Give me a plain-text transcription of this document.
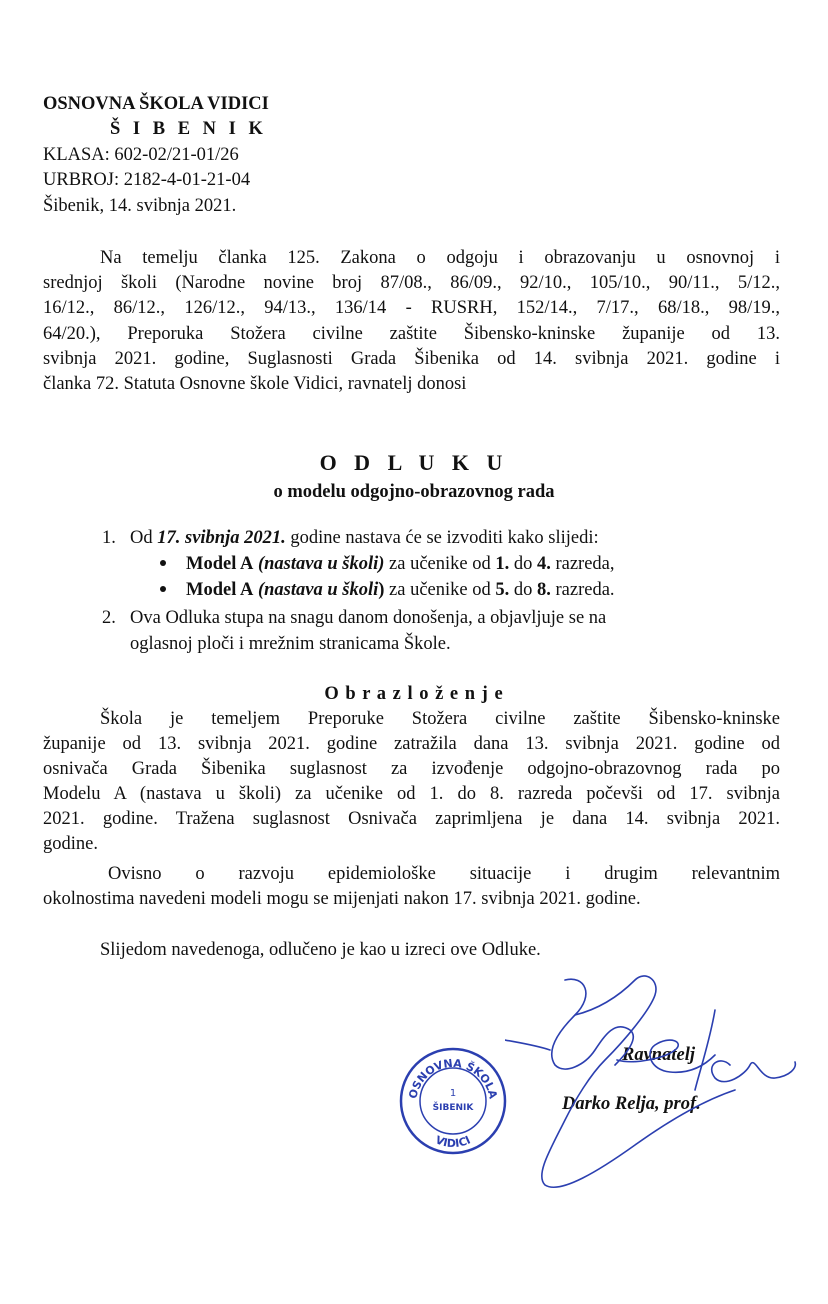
OSNOVNA ŠKOLA VIDICI
Š I B E N I K
KLASA: 602-02/21-01/26
URBROJ: 2182-4-01-21-04
Šibenik, 14. svibnja 2021.
Na temelju članka 125. Zakona o odgoju i obrazovanju u osnovnoj i
srednjoj školi (Narodne novine broj 87/08., 86/09., 92/10., 105/10., 90/11., 5/12.,
16/12., 86/12., 126/12., 94/13., 136/14 - RUSRH, 152/14., 7/17., 68/18., 98/19.,
64/20.), Preporuka Stožera civilne zaštite Šibensko-kninske županije od 13.
svibnja 2021. godine, Suglasnosti Grada Šibenika od 14. svibnja 2021. godine i
članka 72. Statuta Osnovne škole Vidici, ravnatelj donosi
O D L U K U
o modelu odgojno-obrazovnog rada
1. Od 17. svibnja 2021. godine nastava će se izvoditi kako slijedi:
Model A (nastava u školi) za učenike od 1. do 4. razreda,
Model A (nastava u školi) za učenike od 5. do 8. razreda.
2. Ova Odluka stupa na snagu danom donošenja, a objavljuje se na
oglasnoj ploči i mrežnim stranicama Škole.
O b r a z l o ž e n j e
Škola je temeljem Preporuke Stožera civilne zaštite Šibensko-kninske
županije od 13. svibnja 2021. godine zatražila dana 13. svibnja 2021. godine od
osnivača Grada Šibenika suglasnost za izvođenje odgojno-obrazovnog rada po
Modelu A (nastava u školi) za učenike od 1. do 8. razreda počevši od 17. svibnja
2021. godine. Tražena suglasnost Osnivača zaprimljena je dana 14. svibnja 2021.
godine.
Ovisno o razvoju epidemiološke situacije i drugim relevantnim
okolnostima navedeni modeli mogu se mijenjati nakon 17. svibnja 2021. godine.
Slijedom navedenoga, odlučeno je kao u izreci ove Odluke.
Ravnatelj
Darko Relja, prof.
OSNOVNA ŠKOLA
1
ŠIBENIK
VIDICI
